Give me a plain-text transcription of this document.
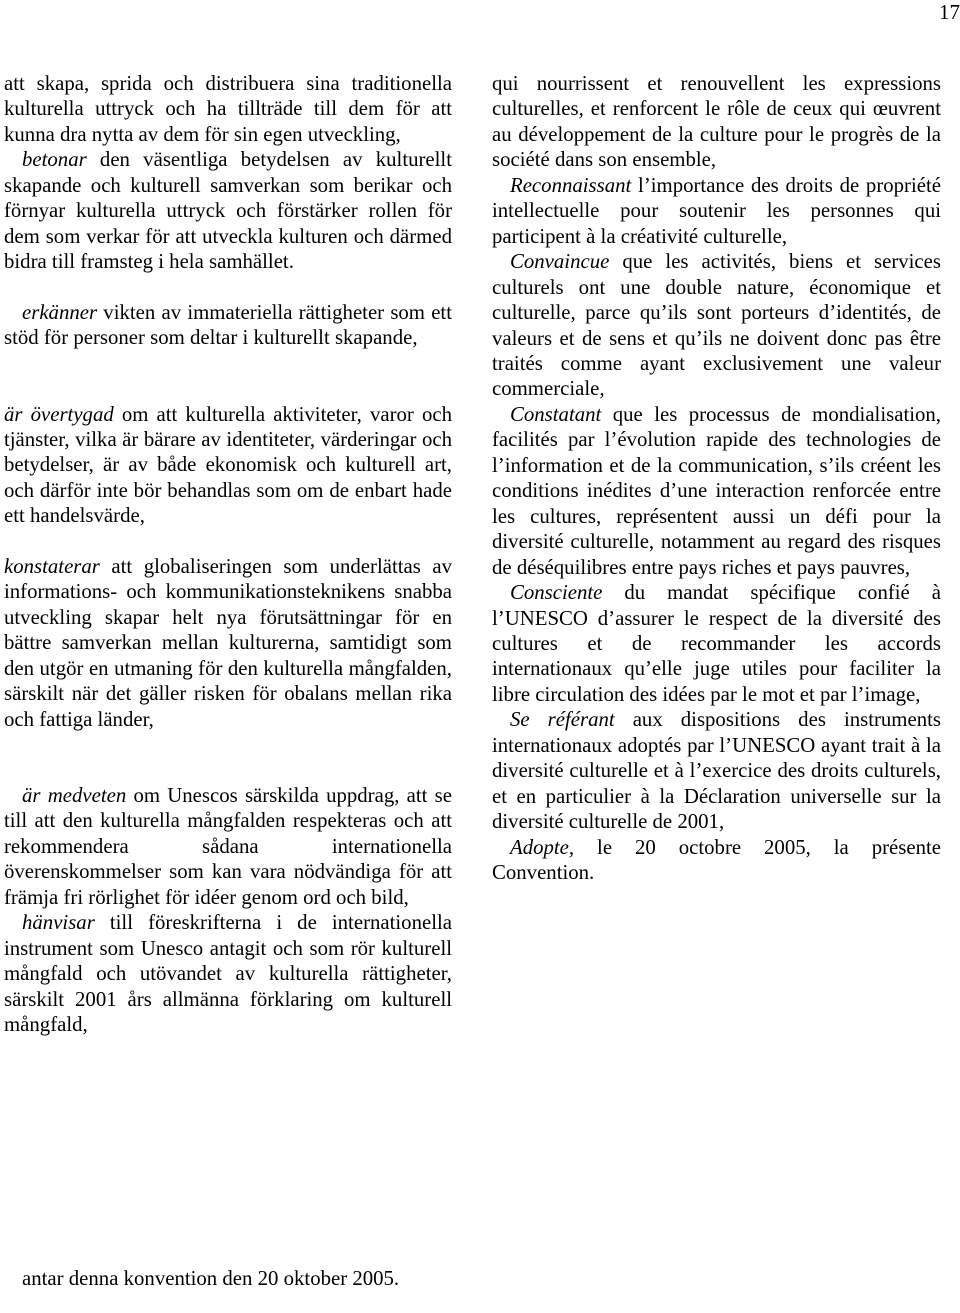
17

att skapa, sprida och distribuera sina traditionella kulturella uttryck och ha tillträde till dem för att kunna dra nytta av dem för sin egen utveckling,

betonar den väsentliga betydelsen av kulturellt skapande och kulturell samverkan som berikar och förnyar kulturella uttryck och förstärker rollen för dem som verkar för att utveckla kulturen och därmed bidra till framsteg i hela samhället.

erkänner vikten av immateriella rättigheter som ett stöd för personer som deltar i kulturellt skapande,

är övertygad om att kulturella aktiviteter, varor och tjänster, vilka är bärare av identiteter, värderingar och betydelser, är av både ekonomisk och kulturell art, och därför inte bör behandlas som om de enbart hade ett handelsvärde,

konstaterar att globaliseringen som underlättas av informations- och kommunikationsteknikens snabba utveckling skapar helt nya förutsättningar för en bättre samverkan mellan kulturerna, samtidigt som den utgör en utmaning för den kulturella mångfalden, särskilt när det gäller risken för obalans mellan rika och fattiga länder,

är medveten om Unescos särskilda uppdrag, att se till att den kulturella mångfalden respekteras och att rekommendera sådana internationella överenskommelser som kan vara nödvändiga för att främja fri rörlighet för idéer genom ord och bild,

hänvisar till föreskrifterna i de internationella instrument som Unesco antagit och som rör kulturell mångfald och utövandet av kulturella rättigheter, särskilt 2001 års allmänna förklaring om kulturell mångfald,

antar denna konvention den 20 oktober 2005.

qui nourrissent et renouvellent les expressions culturelles, et renforcent le rôle de ceux qui œuvrent au développement de la culture pour le progrès de la société dans son ensemble,

Reconnaissant l’importance des droits de propriété intellectuelle pour soutenir les personnes qui participent à la créativité culturelle,

Convaincue que les activités, biens et services culturels ont une double nature, économique et culturelle, parce qu’ils sont porteurs d’identités, de valeurs et de sens et qu’ils ne doivent donc pas être traités comme ayant exclusivement une valeur commerciale,

Constatant que les processus de mondialisation, facilités par l’évolution rapide des technologies de l’information et de la communication, s’ils créent les conditions inédites d’une interaction renforcée entre les cultures, représentent aussi un défi pour la diversité culturelle, notamment au regard des risques de déséquilibres entre pays riches et pays pauvres,

Consciente du mandat spécifique confié à l’UNESCO d’assurer le respect de la diversité des cultures et de recommander les accords internationaux qu’elle juge utiles pour faciliter la libre circulation des idées par le mot et par l’image,

Se référant aux dispositions des instruments internationaux adoptés par l’UNESCO ayant trait à la diversité culturelle et à l’exercice des droits culturels, et en particulier à la Déclaration universelle sur la diversité culturelle de 2001,

Adopte, le 20 octobre 2005, la présente Convention.
